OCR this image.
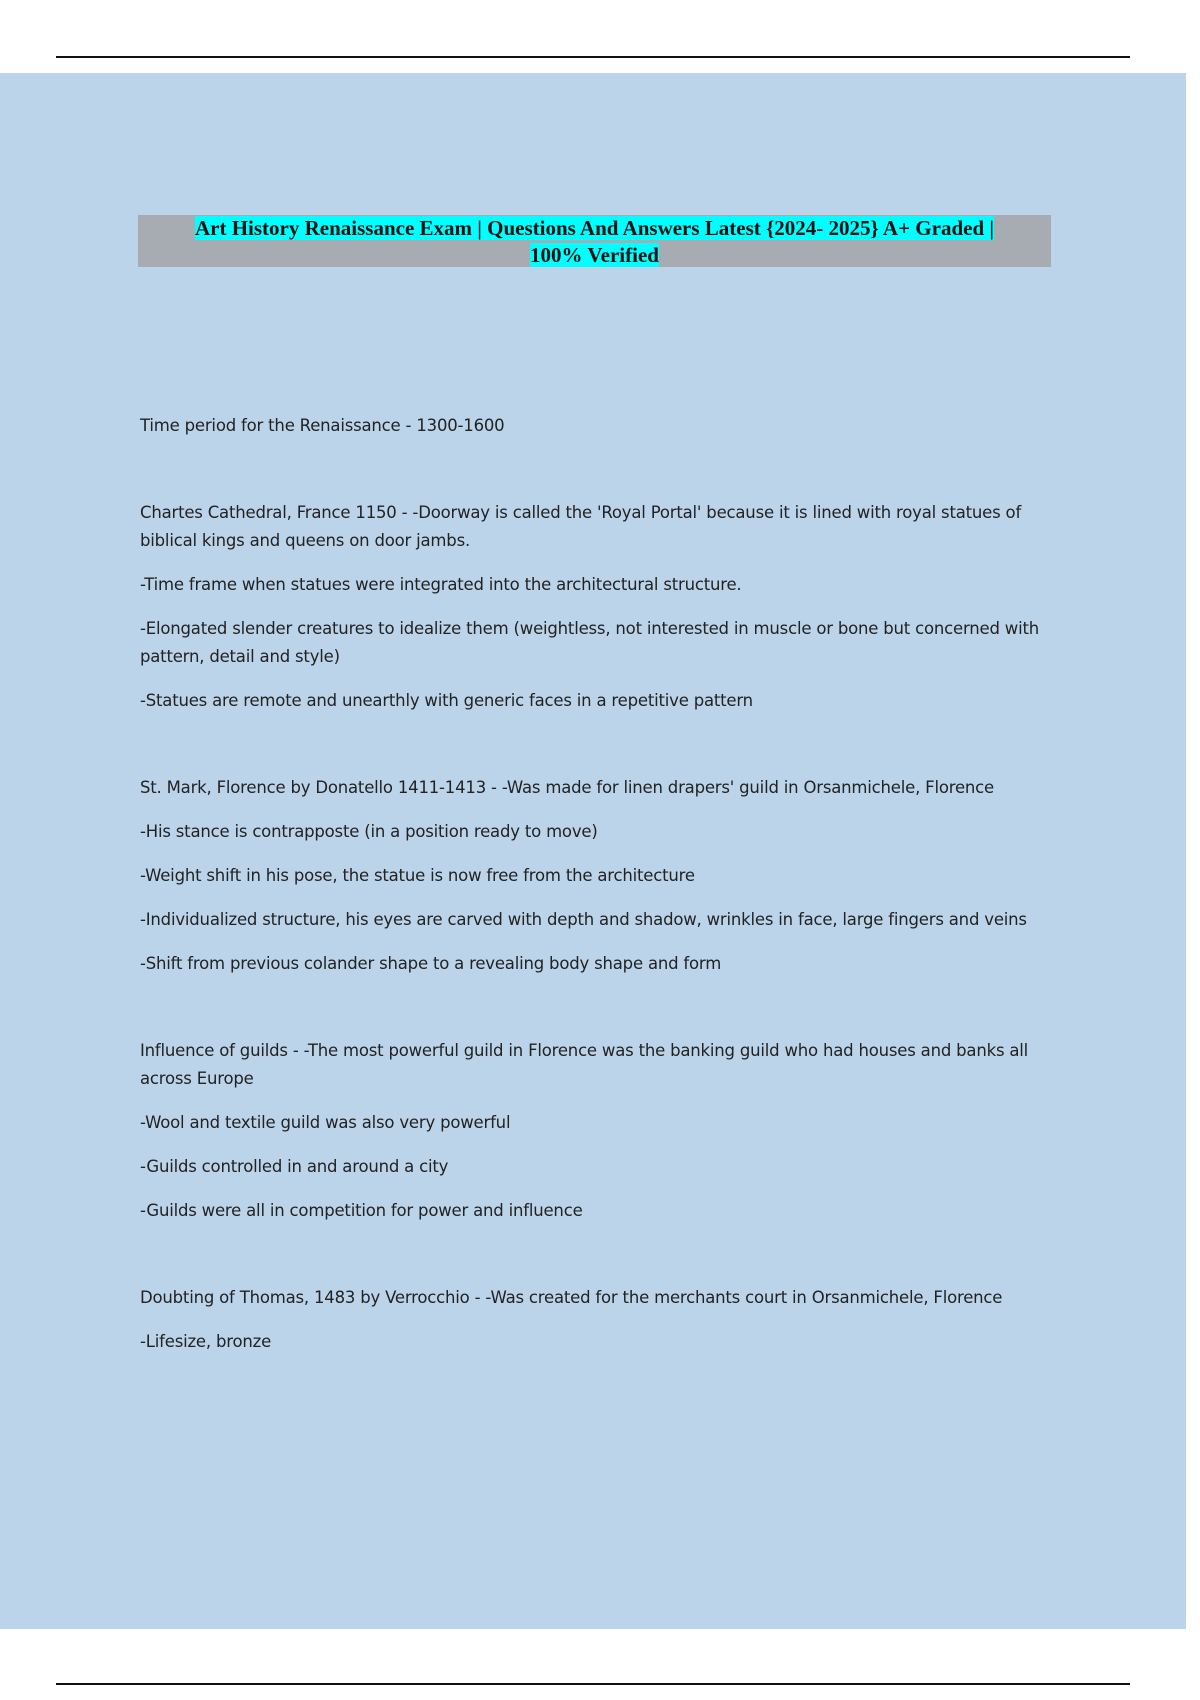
Art History Renaissance Exam | Questions And Answers Latest {2024- 2025} A+ Graded |
100% Verified

Time period for the Renaissance - 1300-1600

Chartes Cathedral, France 1150 - -Doorway is called the 'Royal Portal' because it is lined with royal statues of biblical kings and queens on door jambs.

-Time frame when statues were integrated into the architectural structure.

-Elongated slender creatures to idealize them (weightless, not interested in muscle or bone but concerned with pattern, detail and style)

-Statues are remote and unearthly with generic faces in a repetitive pattern

St. Mark, Florence by Donatello 1411-1413 - -Was made for linen drapers' guild in Orsanmichele, Florence

-His stance is contrapposte (in a position ready to move)

-Weight shift in his pose, the statue is now free from the architecture

-Individualized structure, his eyes are carved with depth and shadow, wrinkles in face, large fingers and veins

-Shift from previous colander shape to a revealing body shape and form

Influence of guilds - -The most powerful guild in Florence was the banking guild who had houses and banks all across Europe

-Wool and textile guild was also very powerful

-Guilds controlled in and around a city

-Guilds were all in competition for power and influence

Doubting of Thomas, 1483 by Verrocchio - -Was created for the merchants court in Orsanmichele, Florence

-Lifesize, bronze
